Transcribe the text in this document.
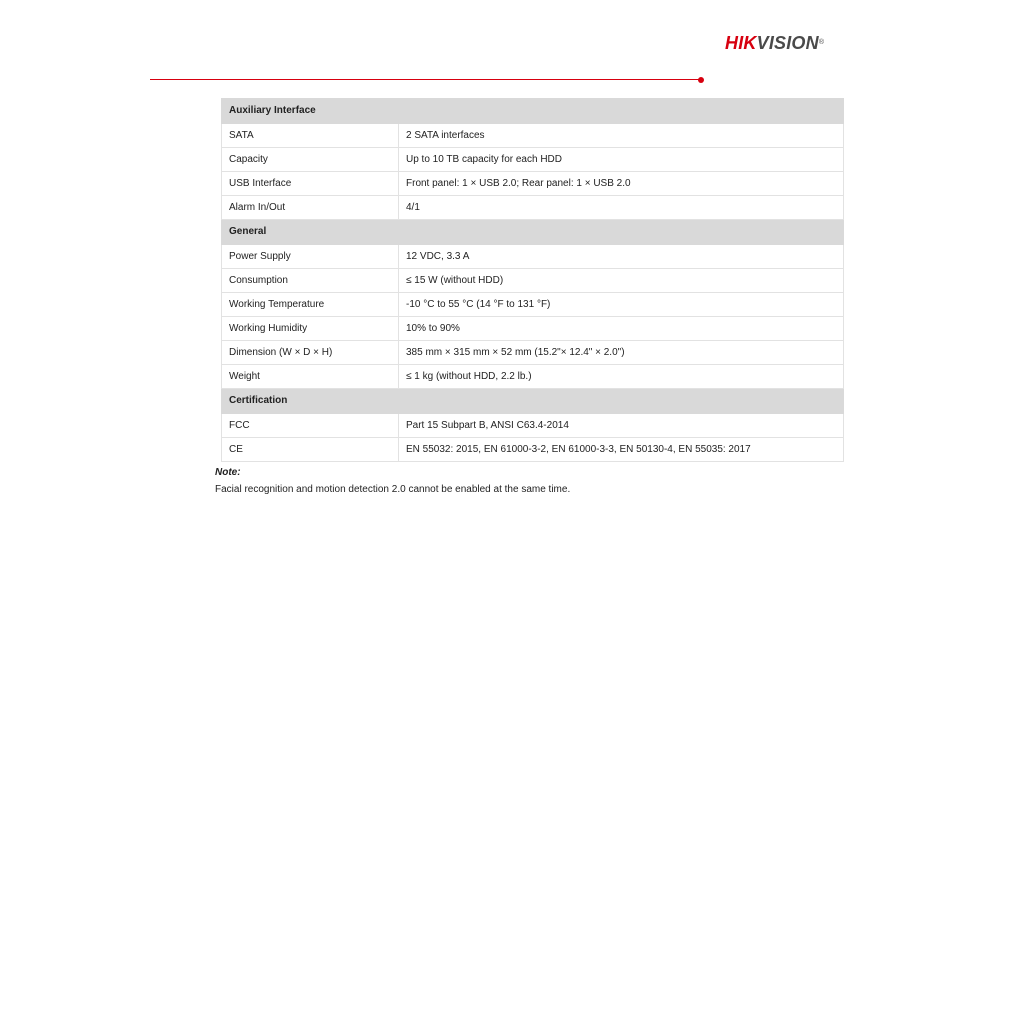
HIKVISION®
Auxiliary Interface	
SATA	2 SATA interfaces
Capacity	Up to 10 TB capacity for each HDD
USB Interface	Front panel: 1 × USB 2.0; Rear panel: 1 × USB 2.0
Alarm In/Out	4/1
General	
Power Supply	12 VDC, 3.3 A
Consumption	≤ 15 W (without HDD)
Working Temperature	-10 °C to 55 °C (14 °F to 131 °F)
Working Humidity	10% to 90%
Dimension (W × D × H)	385 mm × 315 mm × 52 mm (15.2"× 12.4" × 2.0")
Weight	≤ 1 kg (without HDD, 2.2 lb.)
Certification	
FCC	Part 15 Subpart B, ANSI C63.4-2014
CE	EN 55032: 2015, EN 61000-3-2, EN 61000-3-3, EN 50130-4, EN 55035: 2017
Note:
Facial recognition and motion detection 2.0 cannot be enabled at the same time.
